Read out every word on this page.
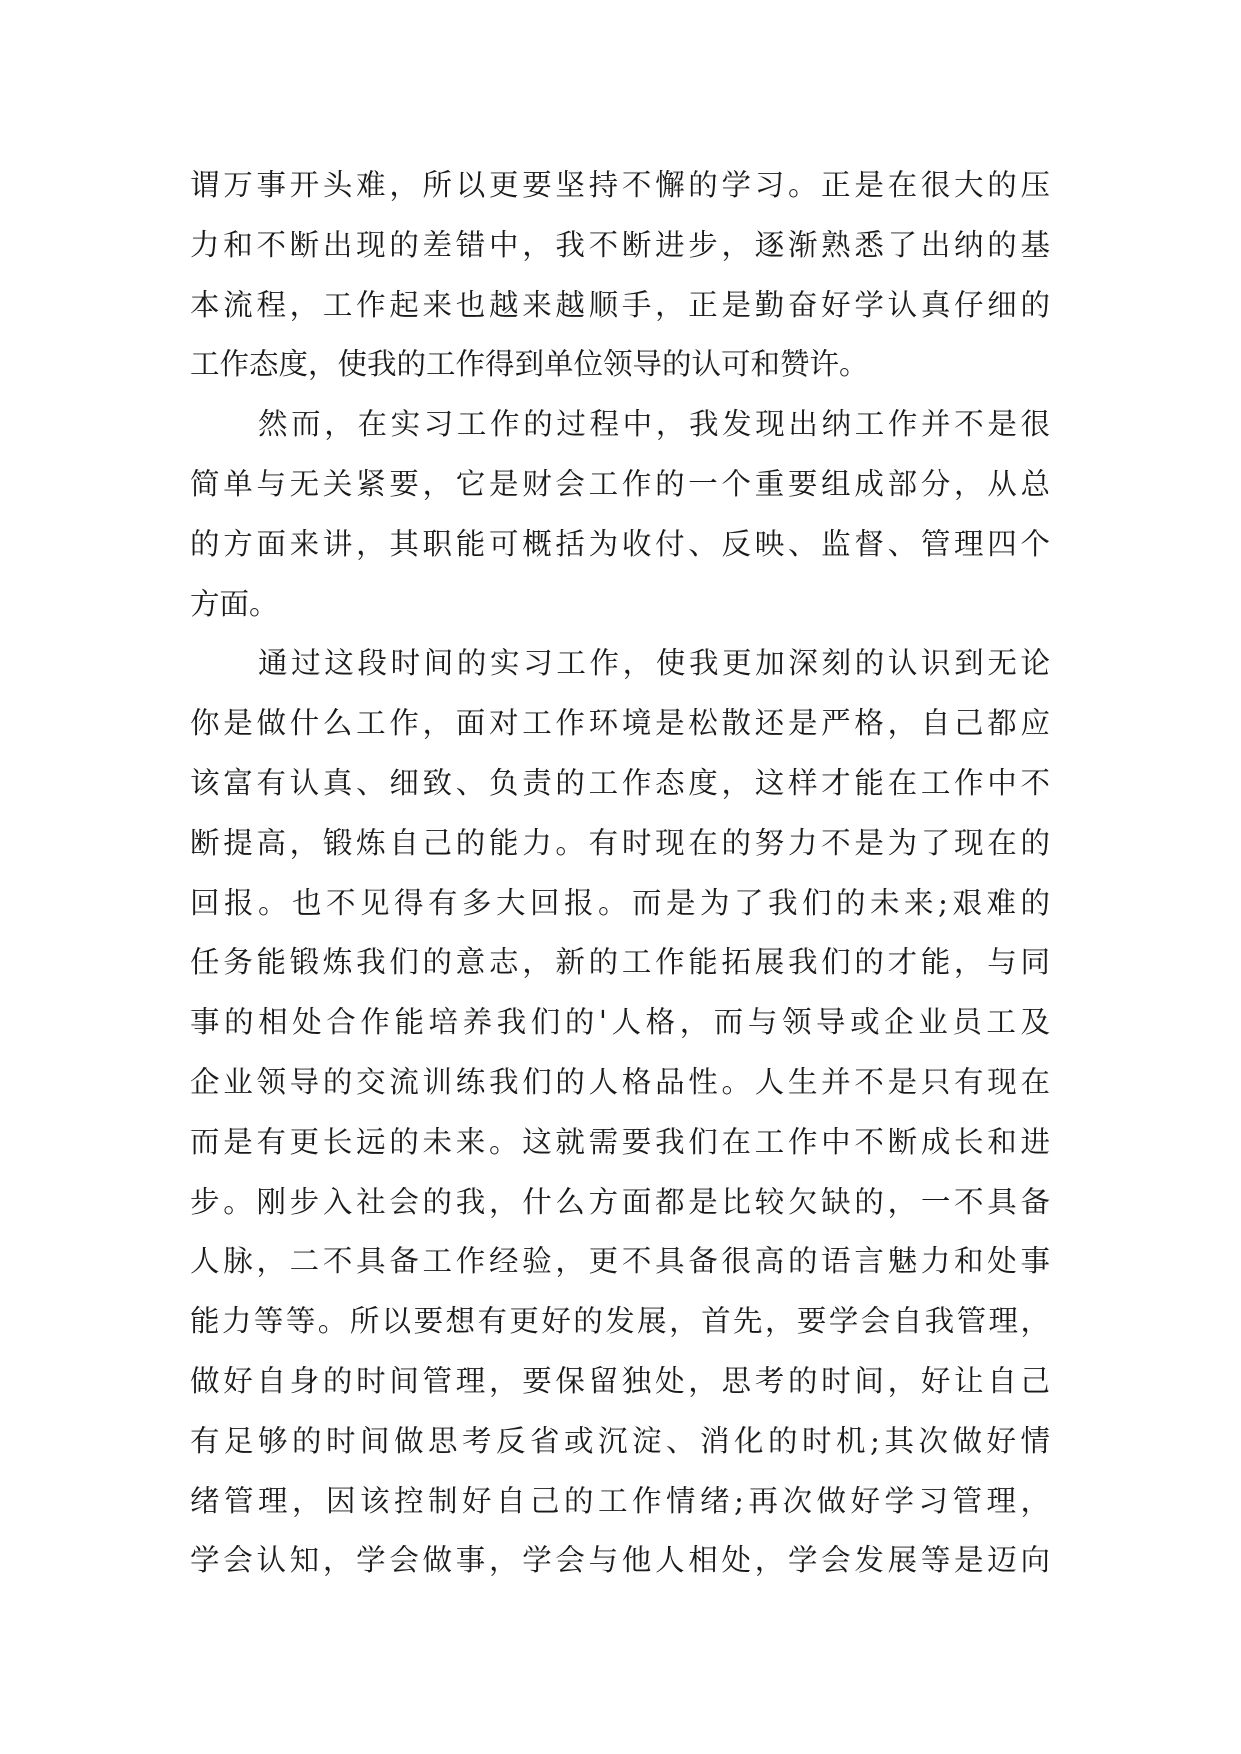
谓万事开头难，所以更要坚持不懈的学习。正是在很大的压
力和不断出现的差错中，我不断进步，逐渐熟悉了出纳的基
本流程，工作起来也越来越顺手，正是勤奋好学认真仔细的
工作态度，使我的工作得到单位领导的认可和赞许。
然而，在实习工作的过程中，我发现出纳工作并不是很
简单与无关紧要，它是财会工作的一个重要组成部分，从总
的方面来讲，其职能可概括为收付、反映、监督、管理四个
方面。
通过这段时间的实习工作，使我更加深刻的认识到无论
你是做什么工作，面对工作环境是松散还是严格，自己都应
该富有认真、细致、负责的工作态度，这样才能在工作中不
断提高，锻炼自己的能力。有时现在的努力不是为了现在的
回报。也不见得有多大回报。而是为了我们的未来;艰难的
任务能锻炼我们的意志，新的工作能拓展我们的才能，与同
事的相处合作能培养我们的'人格，而与领导或企业员工及
企业领导的交流训练我们的人格品性。人生并不是只有现在
而是有更长远的未来。这就需要我们在工作中不断成长和进
步。刚步入社会的我，什么方面都是比较欠缺的，一不具备
人脉，二不具备工作经验，更不具备很高的语言魅力和处事
能力等等。所以要想有更好的发展，首先，要学会自我管理，
做好自身的时间管理，要保留独处，思考的时间，好让自己
有足够的时间做思考反省或沉淀、消化的时机;其次做好情
绪管理，因该控制好自己的工作情绪;再次做好学习管理，
学会认知，学会做事，学会与他人相处，学会发展等是迈向
